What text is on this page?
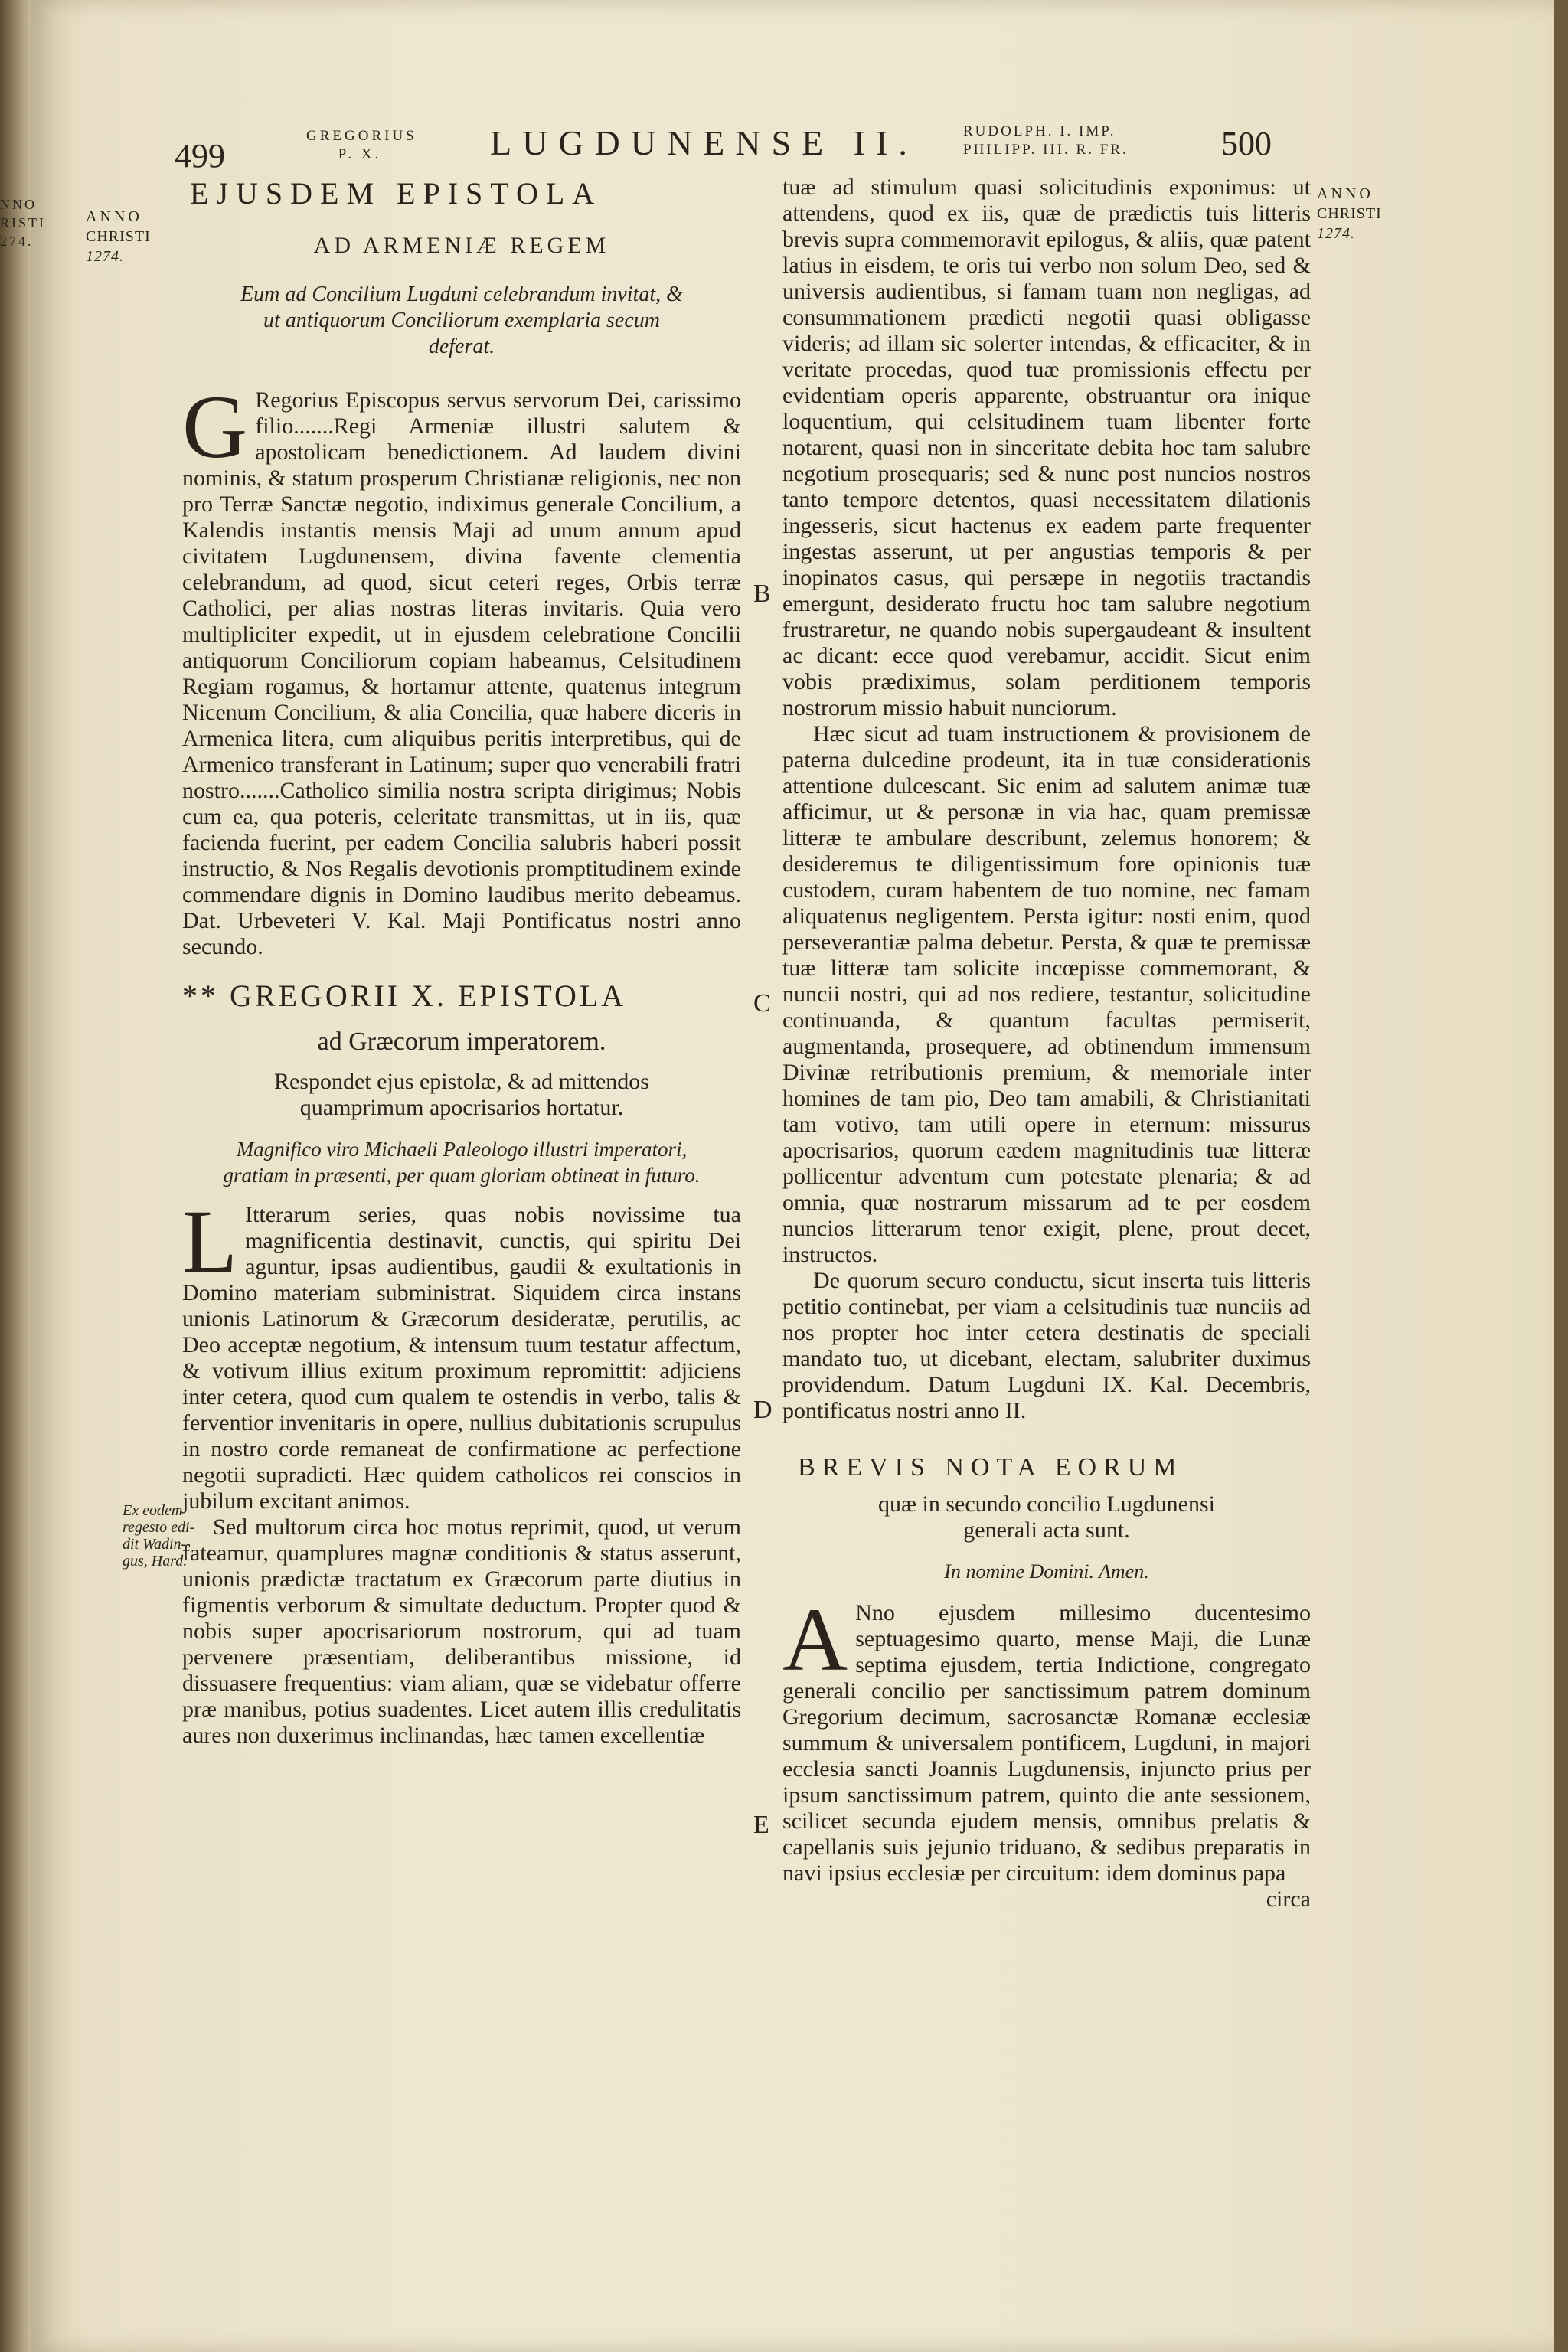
499
GREGORIUS
P. X.	LUGDUNENSE II.	RUDOLPH. I. IMP.
PHILIPP. III. R. FR.	500
ANNO
CHRISTI
1274.
NNO
RISTI
274.
ANNO
CHRISTI
1274.
Ex eodem
regesto edi-
dit Wadin-
gus, Hard.
B
C
D
E
EJUSDEM EPISTOLA
AD ARMENIÆ REGEM
Eum ad Concilium Lugduni celebrandum invitat, & ut antiquorum Conciliorum exemplaria secum deferat.

G Regorius Episcopus servus servorum Dei, carissimo filio.......Regi Armeniæ illustri salutem & apostolicam benedictionem. Ad laudem divini nominis, & statum prosperum Christianæ religionis, nec non pro Terræ Sanctæ negotio, indiximus generale Concilium, a Kalendis instantis mensis Maji ad unum annum apud civitatem Lugdunensem, divina favente clementia celebrandum, ad quod, sicut ceteri reges, Orbis terræ Catholici, per alias nostras literas invitaris. Quia vero multipliciter expedit, ut in ejusdem celebratione Concilii antiquorum Conciliorum copiam habeamus, Celsitudinem Regiam rogamus, & hortamur attente, quatenus integrum Nicenum Concilium, & alia Concilia, quæ habere diceris in Armenica litera, cum aliquibus peritis interpretibus, qui de Armenico transferant in Latinum; super quo venerabili fratri nostro.......Catholico similia nostra scripta dirigimus; Nobis cum ea, qua poteris, celeritate transmittas, ut in iis, quæ facienda fuerint, per eadem Concilia salubris haberi possit instructio, & Nos Regalis devotionis promptitudinem exinde commendare dignis in Domino laudibus merito debeamus. Dat. Urbeveteri V. Kal. Maji Pontificatus nostri anno secundo.

** GREGORII X. EPISTOLA
ad Græcorum imperatorem.
Respondet ejus epistolæ, & ad mittendos quamprimum apocrisarios hortatur.
Magnifico viro Michaeli Paleologo illustri imperatori, gratiam in præsenti, per quam gloriam obtineat in futuro.

L Itterarum series, quas nobis novissime tua magnificentia destinavit, cunctis, qui spiritu Dei aguntur, ipsas audientibus, gaudii & exultationis in Domino materiam subministrat. Siquidem circa instans unionis Latinorum & Græcorum desideratæ, perutilis, ac Deo acceptæ negotium, & intensum tuum testatur affectum, & votivum illius exitum proximum repromittit: adjiciens inter cetera, quod cum qualem te ostendis in verbo, talis & ferventior invenitaris in opere, nullius dubitationis scrupulus in nostro corde remaneat de confirmatione ac perfectione negotii supradicti. Hæc quidem catholicos rei conscios in jubilum excitant animos.

Sed multorum circa hoc motus reprimit, quod, ut verum fateamur, quamplures magnæ conditionis & status asserunt, unionis prædictæ tractatum ex Græcorum parte diutius in figmentis verborum & simultate deductum. Propter quod & nobis super apocrisariorum nostrorum, qui ad tuam pervenere præsentiam, deliberantibus missione, id dissuasere frequentius: viam aliam, quæ se videbatur offerre præ manibus, potius suadentes. Licet autem illis credulitatis aures non duxerimus inclinandas, hæc tamen excellentiæ

tuæ ad stimulum quasi solicitudinis exponimus: ut attendens, quod ex iis, quæ de prædictis tuis litteris brevis supra commemoravit epilogus, & aliis, quæ patent latius in eisdem, te oris tui verbo non solum Deo, sed & universis audientibus, si famam tuam non negligas, ad consummationem prædicti negotii quasi obligasse videris; ad illam sic solerter intendas, & efficaciter, & in veritate procedas, quod tuæ promissionis effectu per evidentiam operis apparente, obstruantur ora inique loquentium, qui celsitudinem tuam libenter forte notarent, quasi non in sinceritate debita hoc tam salubre negotium prosequaris; sed & nunc post nuncios nostros tanto tempore detentos, quasi necessitatem dilationis ingesseris, sicut hactenus ex eadem parte frequenter ingestas asserunt, ut per angustias temporis & per inopinatos casus, qui persæpe in negotiis tractandis emergunt, desiderato fructu hoc tam salubre negotium frustraretur, ne quando nobis supergaudeant & insultent ac dicant: ecce quod verebamur, accidit. Sicut enim vobis prædiximus, solam perditionem temporis nostrorum missio habuit nunciorum.

Hæc sicut ad tuam instructionem & provisionem de paterna dulcedine prodeunt, ita in tuæ considerationis attentione dulcescant. Sic enim ad salutem animæ tuæ afficimur, ut & personæ in via hac, quam premissæ litteræ te ambulare describunt, zelemus honorem; & desideremus te diligentissimum fore opinionis tuæ custodem, curam habentem de tuo nomine, nec famam aliquatenus negligentem. Persta igitur: nosti enim, quod perseverantiæ palma debetur. Persta, & quæ te premissæ tuæ litteræ tam solicite incœpisse commemorant, & nuncii nostri, qui ad nos rediere, testantur, solicitudine continuanda, & quantum facultas permiserit, augmentanda, prosequere, ad obtinendum immensum Divinæ retributionis premium, & memoriale inter homines de tam pio, Deo tam amabili, & Christianitati tam votivo, tam utili opere in eternum: missurus apocrisarios, quorum eædem magnitudinis tuæ litteræ pollicentur adventum cum potestate plenaria; & ad omnia, quæ nostrarum missarum ad te per eosdem nuncios litterarum tenor exigit, plene, prout decet, instructos.

De quorum securo conductu, sicut inserta tuis litteris petitio continebat, per viam a celsitudinis tuæ nunciis ad nos propter hoc inter cetera destinatis de speciali mandato tuo, ut dicebant, electam, salubriter duximus providendum. Datum Lugduni IX. Kal. Decembris, pontificatus nostri anno II.

BREVIS NOTA EORUM
quæ in secundo concilio Lugdunensi generali acta sunt.
In nomine Domini. Amen.

A Nno ejusdem millesimo ducentesimo septuagesimo quarto, mense Maji, die Lunæ septima ejusdem, tertia Indictione, congregato generali concilio per sanctissimum patrem dominum Gregorium decimum, sacrosanctæ Romanæ ecclesiæ summum & universalem pontificem, Lugduni, in majori ecclesia sancti Joannis Lugdunensis, injuncto prius per ipsum sanctissimum patrem, quinto die ante sessionem, scilicet secunda ejudem mensis, omnibus prelatis & capellanis suis jejunio triduano, & sedibus preparatis in navi ipsius ecclesiæ per circuitum: idem dominus papa

circa
